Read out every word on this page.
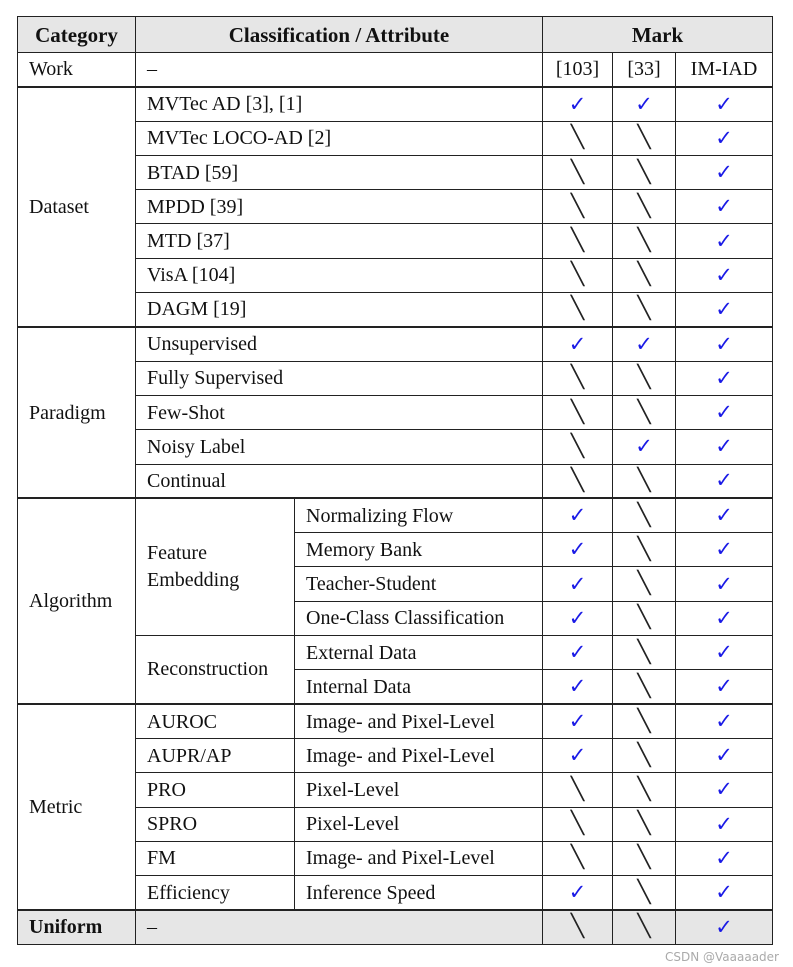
Category	Classification / Attribute		Mark		
Work	–		[103]	[33]	IM-IAD
Dataset	MVTec AD [3], [1]		✓	✓	✓
	MVTec LOCO-AD [2]		╲	╲	✓
	BTAD [59]		╲	╲	✓
	MPDD [39]		╲	╲	✓
	MTD [37]		╲	╲	✓
	VisA [104]		╲	╲	✓
	DAGM [19]		╲	╲	✓
Paradigm	Unsupervised		✓	✓	✓
	Fully Supervised		╲	╲	✓
	Few-Shot		╲	╲	✓
	Noisy Label		╲	✓	✓
	Continual		╲	╲	✓
Algorithm	Feature Embedding	Normalizing Flow	✓	╲	✓
		Memory Bank	✓	╲	✓
		Teacher-Student	✓	╲	✓
		One-Class Classification	✓	╲	✓
	Reconstruction	External Data	✓	╲	✓
		Internal Data	✓	╲	✓
Metric	AUROC	Image- and Pixel-Level	✓	╲	✓
	AUPR/AP	Image- and Pixel-Level	✓	╲	✓
	PRO	Pixel-Level	╲	╲	✓
	SPRO	Pixel-Level	╲	╲	✓
	FM	Image- and Pixel-Level	╲	╲	✓
	Efficiency	Inference Speed	✓	╲	✓
Uniform	–		╲	╲	✓
CSDN @Vaaaaader
